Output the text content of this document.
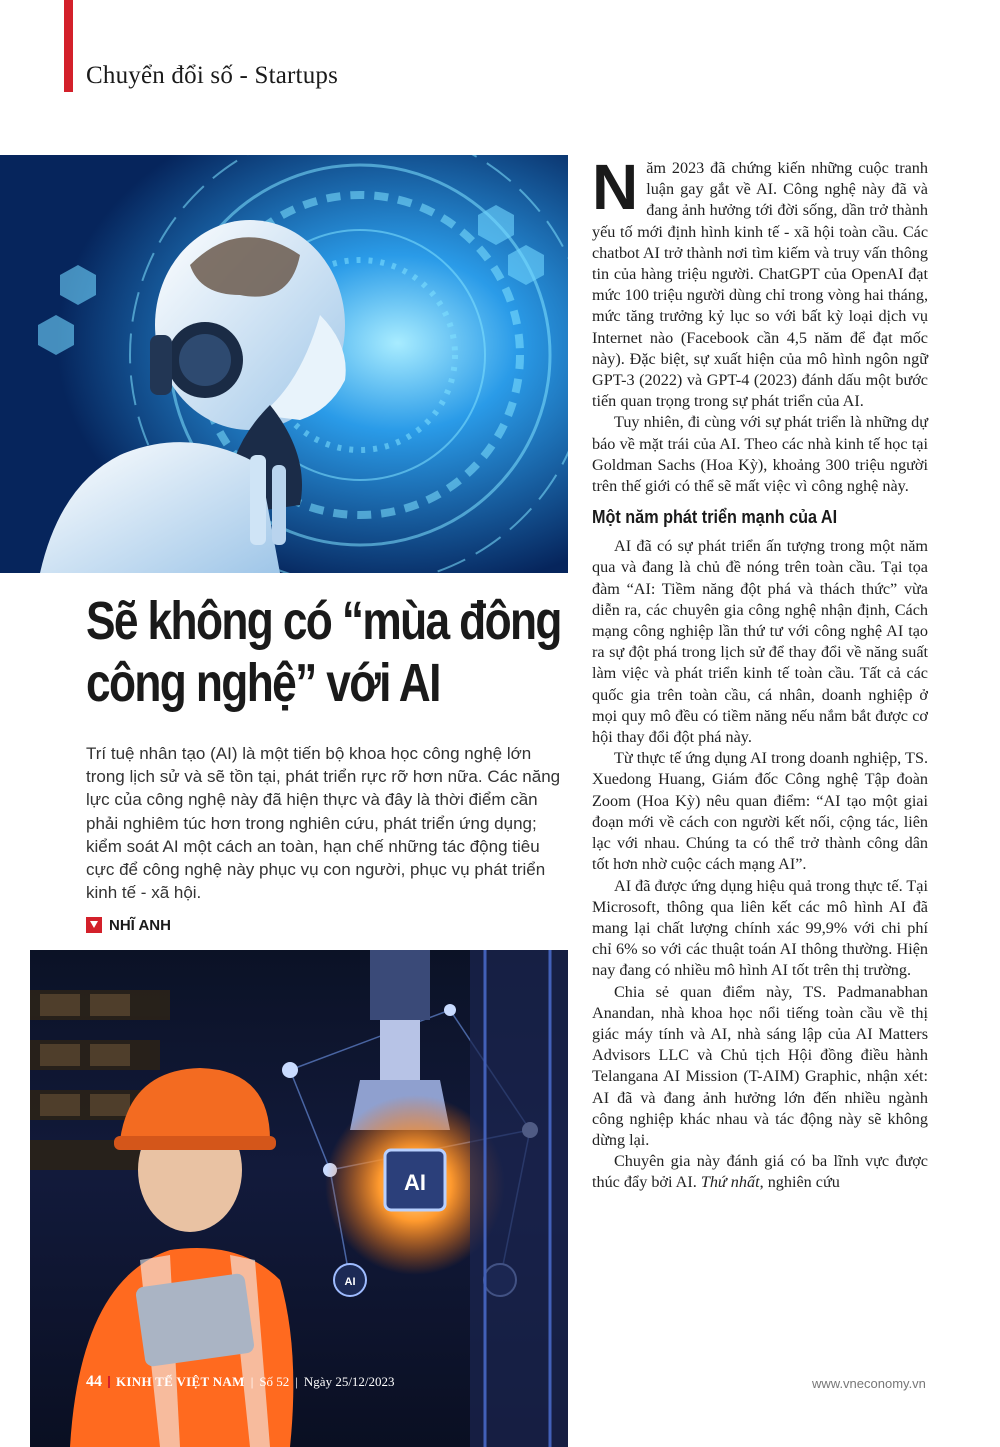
Chuyển đổi số - Startups
Sẽ không có “mùa đông công nghệ” với AI

Trí tuệ nhân tạo (AI) là một tiến bộ khoa học công nghệ lớn trong lịch sử và sẽ tồn tại, phát triển rực rỡ hơn nữa. Các năng lực của công nghệ này đã hiện thực và đây là thời điểm cần phải nghiêm túc hơn trong nghiên cứu, phát triển ứng dụng; kiểm soát AI một cách an toàn, hạn chế những tác động tiêu cực để công nghệ này phục vụ con người, phục vụ phát triển kinh tế - xã hội.

NHĨ ANH
AI
AI
44 KINH TẾ VIỆT NAM | Số 52 | Ngày 25/12/2023	www.vneconomy.vn

Năm 2023 đã chứng kiến những cuộc tranh luận gay gắt về AI. Công nghệ này đã và đang ảnh hưởng tới đời sống, dần trở thành yếu tố mới định hình kinh tế - xã hội toàn cầu. Các chatbot AI trở thành nơi tìm kiếm và truy vấn thông tin của hàng triệu người. ChatGPT của OpenAI đạt mức 100 triệu người dùng chỉ trong vòng hai tháng, mức tăng trưởng kỷ lục so với bất kỳ loại dịch vụ Internet nào (Facebook cần 4,5 năm để đạt mốc này). Đặc biệt, sự xuất hiện của mô hình ngôn ngữ GPT-3 (2022) và GPT-4 (2023) đánh dấu một bước tiến quan trọng trong sự phát triển của AI.

Tuy nhiên, đi cùng với sự phát triển là những dự báo về mặt trái của AI. Theo các nhà kinh tế học tại Goldman Sachs (Hoa Kỳ), khoảng 300 triệu người trên thế giới có thể sẽ mất việc vì công nghệ này.

Một năm phát triển mạnh của AI

AI đã có sự phát triển ấn tượng trong một năm qua và đang là chủ đề nóng trên toàn cầu. Tại tọa đàm “AI: Tiềm năng đột phá và thách thức” vừa diễn ra, các chuyên gia công nghệ nhận định, Cách mạng công nghiệp lần thứ tư với công nghệ AI tạo ra sự đột phá trong lịch sử để thay đổi về năng suất làm việc và phát triển kinh tế toàn cầu. Tất cả các quốc gia trên toàn cầu, cá nhân, doanh nghiệp ở mọi quy mô đều có tiềm năng nếu nắm bắt được cơ hội thay đổi đột phá này.

Từ thực tế ứng dụng AI trong doanh nghiệp, TS. Xuedong Huang, Giám đốc Công nghệ Tập đoàn Zoom (Hoa Kỳ) nêu quan điểm: “AI tạo một giai đoạn mới về cách con người kết nối, cộng tác, liên lạc với nhau. Chúng ta có thể trở thành công dân tốt hơn nhờ cuộc cách mạng AI”.

AI đã được ứng dụng hiệu quả trong thực tế. Tại Microsoft, thông qua liên kết các mô hình AI đã mang lại chất lượng chính xác 99,9% với chi phí chỉ 6% so với các thuật toán AI thông thường. Hiện nay đang có nhiều mô hình AI tốt trên thị trường.

Chia sẻ quan điểm này, TS. Padmanabhan Anandan, nhà khoa học nổi tiếng toàn cầu về thị giác máy tính và AI, nhà sáng lập của AI Matters Advisors LLC và Chủ tịch Hội đồng điều hành Telangana AI Mission (T-AIM) Graphic, nhận xét: AI đã và đang ảnh hưởng lớn đến nhiều ngành công nghiệp khác nhau và tác động này sẽ không dừng lại.

Chuyên gia này đánh giá có ba lĩnh vực được thúc đẩy bởi AI. Thứ nhất, nghiên cứu
